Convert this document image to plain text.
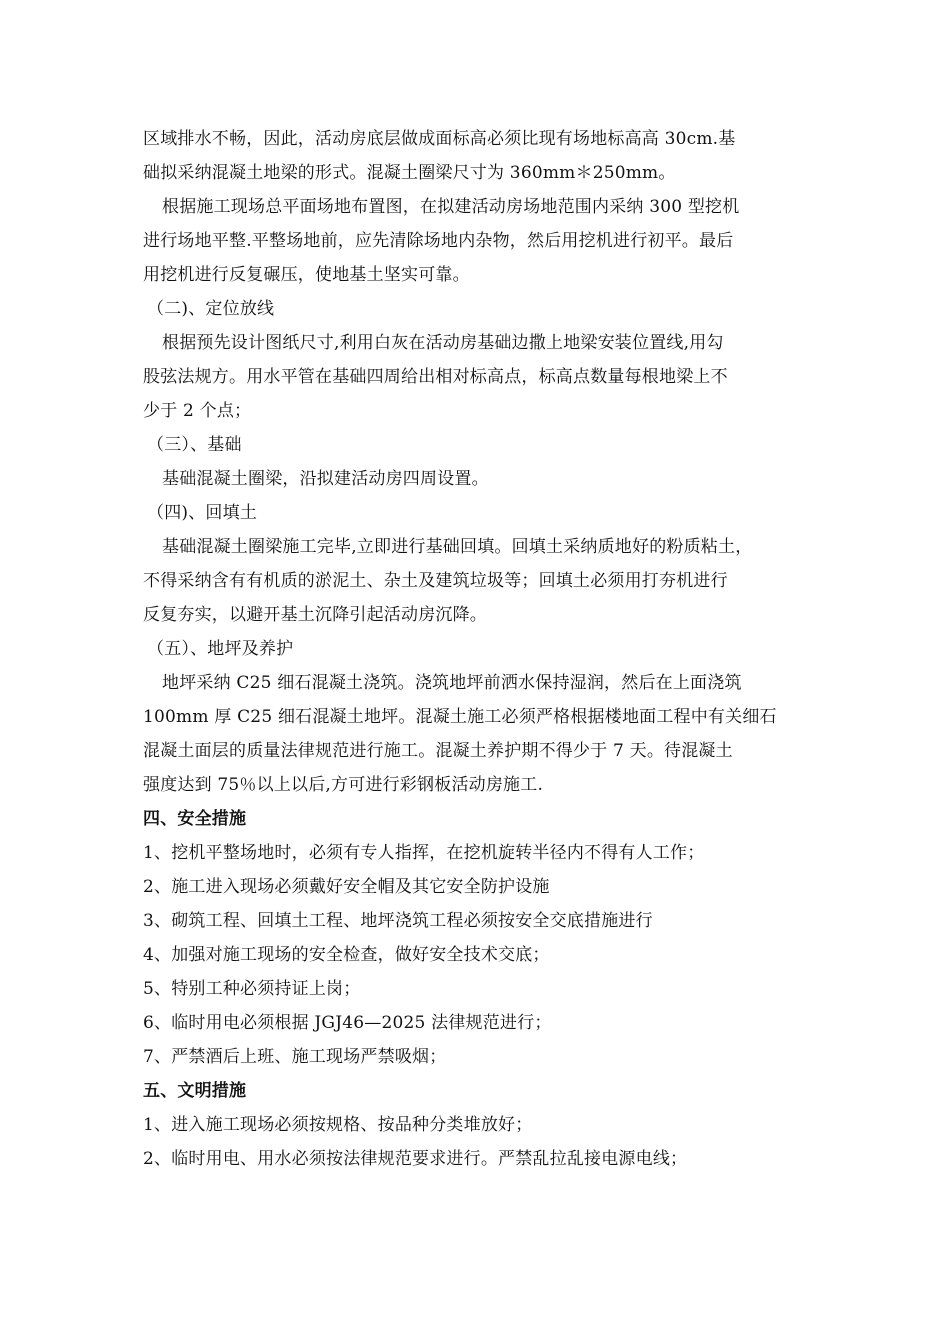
区域排水不畅，因此，活动房底层做成面标高必须比现有场地标高高 30cm.基
础拟采纳混凝土地梁的形式。混凝土圈梁尺寸为 360mm＊250mm。
根据施工现场总平面场地布置图，在拟建活动房场地范围内采纳 300 型挖机
进行场地平整.平整场地前，应先清除场地内杂物，然后用挖机进行初平。最后
用挖机进行反复碾压，使地基土坚实可靠。
（二)、定位放线
根据预先设计图纸尺寸,利用白灰在活动房基础边撒上地梁安装位置线,用勾
股弦法规方。用水平管在基础四周给出相对标高点，标高点数量每根地梁上不
少于 2 个点；
（三）、基础
基础混凝土圈梁，沿拟建活动房四周设置。
（四)、回填土
基础混凝土圈梁施工完毕,立即进行基础回填。回填土采纳质地好的粉质粘土，
不得采纳含有有机质的淤泥土、杂土及建筑垃圾等；回填土必须用打夯机进行
反复夯实，以避开基土沉降引起活动房沉降。
（五）、地坪及养护
地坪采纳 C25 细石混凝土浇筑。浇筑地坪前洒水保持湿润，然后在上面浇筑
100mm 厚 C25 细石混凝土地坪。混凝土施工必须严格根据楼地面工程中有关细石
混凝土面层的质量法律规范进行施工。混凝土养护期不得少于 7 天。待混凝土
强度达到 75％以上以后,方可进行彩钢板活动房施工.
四、安全措施
1、挖机平整场地时，必须有专人指挥，在挖机旋转半径内不得有人工作；
2、施工进入现场必须戴好安全帽及其它安全防护设施
3、砌筑工程、回填土工程、地坪浇筑工程必须按安全交底措施进行
4、加强对施工现场的安全检查，做好安全技术交底；
5、特别工种必须持证上岗；
6、临时用电必须根据 JGJ46—2025 法律规范进行；
7、严禁酒后上班、施工现场严禁吸烟；
五、文明措施
1、进入施工现场必须按规格、按品种分类堆放好；
2、临时用电、用水必须按法律规范要求进行。严禁乱拉乱接电源电线；
